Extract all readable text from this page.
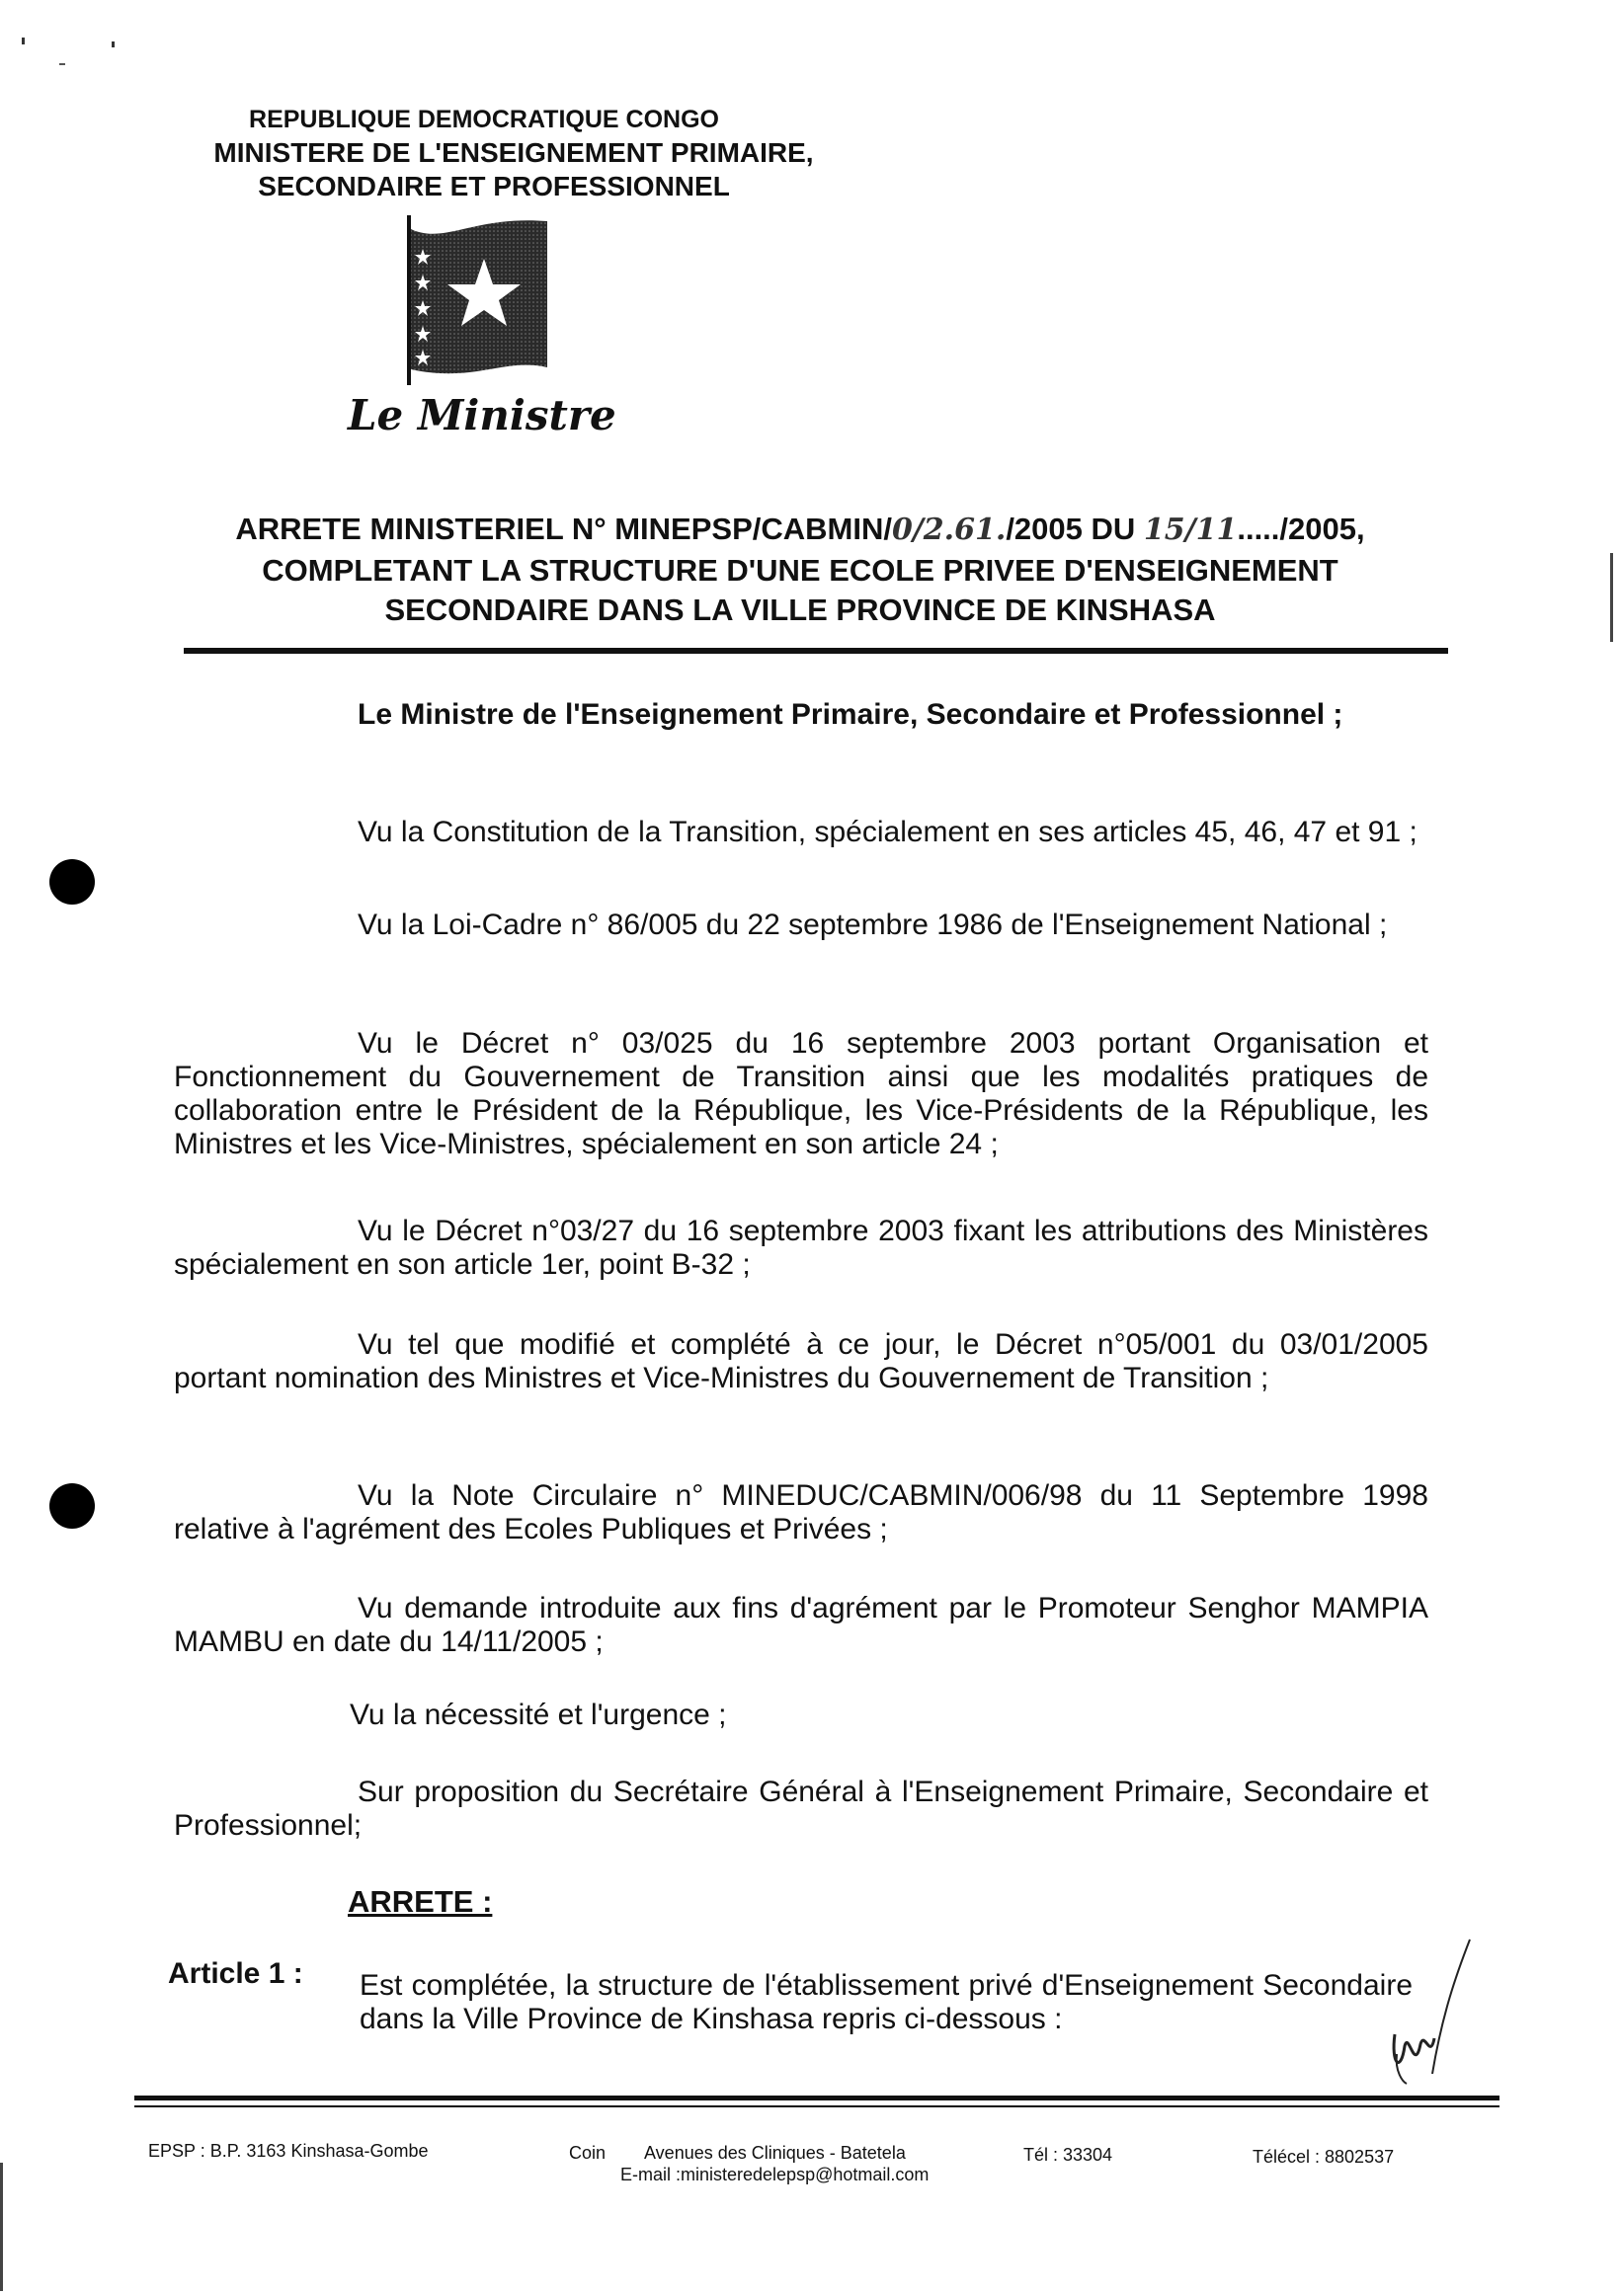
REPUBLIQUE DEMOCRATIQUE CONGO
MINISTERE DE L'ENSEIGNEMENT PRIMAIRE,
SECONDAIRE ET PROFESSIONNEL
Le Ministre
ARRETE MINISTERIEL N° MINEPSP/CABMIN/0/2.61./2005 DU 15/11...../2005,
COMPLETANT LA STRUCTURE D'UNE ECOLE PRIVEE D'ENSEIGNEMENT
SECONDAIRE DANS LA VILLE PROVINCE DE KINSHASA
Le Ministre de l'Enseignement Primaire, Secondaire et Professionnel ;
Vu la Constitution de la Transition, spécialement en ses articles 45, 46, 47 et 91 ;
Vu la Loi-Cadre n° 86/005 du 22 septembre 1986 de l'Enseignement National ;
Vu le Décret n° 03/025 du 16 septembre 2003 portant Organisation et Fonctionnement du Gouvernement de Transition ainsi que les modalités pratiques de collaboration entre le Président de la République, les Vice-Présidents de la République, les Ministres et les Vice-Ministres, spécialement en son article 24 ;
Vu le Décret n°03/27 du 16 septembre 2003 fixant les attributions des Ministères spécialement en son article 1er, point B-32 ;
Vu tel que modifié et complété à ce jour, le Décret n°05/001 du 03/01/2005 portant nomination des Ministres et Vice-Ministres du Gouvernement de Transition ;
Vu la Note Circulaire n° MINEDUC/CABMIN/006/98 du 11 Septembre 1998 relative à l'agrément des Ecoles Publiques et Privées ;
Vu demande introduite aux fins d'agrément par le Promoteur Senghor MAMPIA MAMBU en date du 14/11/2005 ;
Vu la nécessité et l'urgence ;
Sur proposition du Secrétaire Général à l'Enseignement Primaire, Secondaire et Professionnel;
ARRETE :
Article 1 : Est complétée, la structure de l'établissement privé d'Enseignement Secondaire dans la Ville Province de Kinshasa repris ci-dessous :
EPSP : B.P. 3163 Kinshasa-Gombe	Coin Avenues des Cliniques - Batetela
E-mail :ministeredelepsp@hotmail.com
Tél : 33304	Télécel : 8802537
